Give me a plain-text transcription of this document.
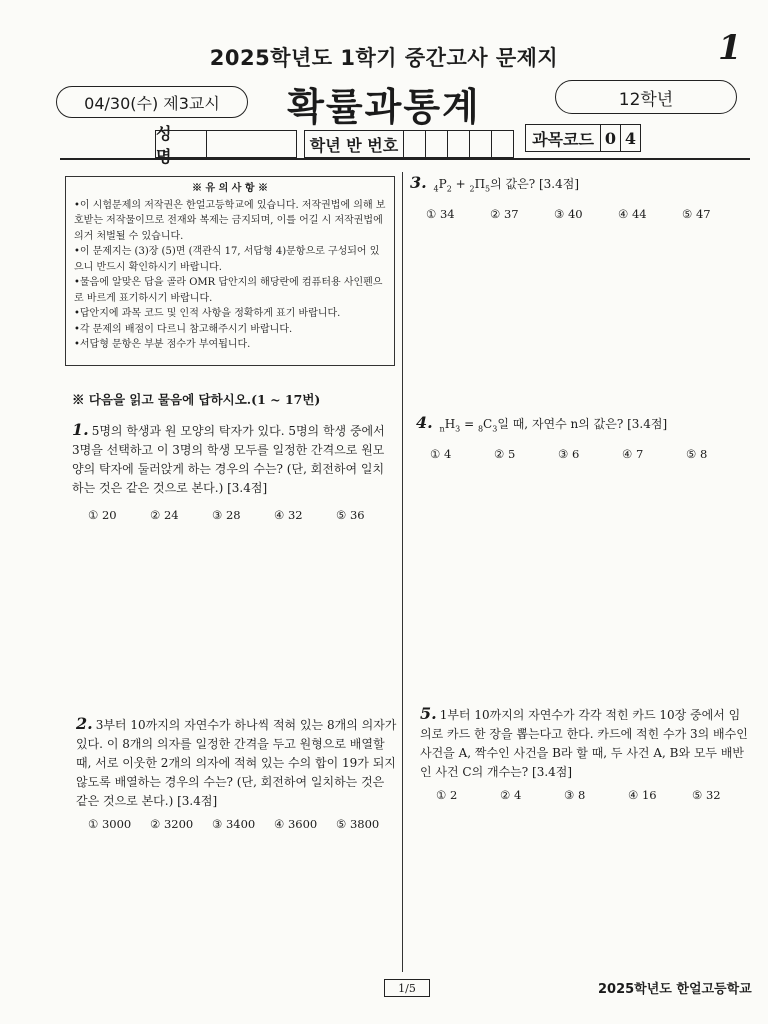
1
2025학년도 1학기 중간고사 문제지
04/30(수) 제3교시	확률과통계	12학년
성 명
학년 반 번호	과목코드 0 4
※ 유 의 사 항 ※

•이 시험문제의 저작권은 한얼고등학교에 있습니다. 저작권법에 의해 보호받는 저작물이므로 전재와 복제는 금지되며, 이를 어길 시 저작권법에 의거 처벌될 수 있습니다.

•이 문제지는 (3)장 (5)면 (객관식 17, 서답형 4)문항으로 구성되어 있으니 반드시 확인하시기 바랍니다.

•물음에 알맞은 답을 골라 OMR 답안지의 해당란에 컴퓨터용 사인펜으로 바르게 표기하시기 바랍니다.

•답안지에 과목 코드 및 인적 사항을 정확하게 표기 바랍니다.

•각 문제의 배점이 다르니 참고해주시기 바랍니다.

•서답형 문항은 부분 점수가 부여됩니다.

※ 다음을 읽고 물음에 답하시오.(1 ~ 17번)
1. 5명의 학생과 원 모양의 탁자가 있다. 5명의 학생 중에서 3명을 선택하고 이 3명의 학생 모두를 일정한 간격으로 원모양의 탁자에 둘러앉게 하는 경우의 수는? (단, 회전하여 일치하는 것은 같은 것으로 본다.) [3.4점]
① 20	② 24	③ 28	④ 32	⑤ 36
2. 3부터 10까지의 자연수가 하나씩 적혀 있는 8개의 의자가 있다. 이 8개의 의자를 일정한 간격을 두고 원형으로 배열할 때, 서로 이웃한 2개의 의자에 적혀 있는 수의 합이 19가 되지 않도록 배열하는 경우의 수는? (단, 회전하여 일치하는 것은 같은 것으로 본다.) [3.4점]
① 3000	② 3200	③ 3400	④ 3600	⑤ 3800
3. $_4P_2 + _2\Pi_5$의 값은? [3.4점]
① 34	② 37	③ 40	④ 44	⑤ 47
4. $_nH_3 = _8C_3$일 때, 자연수 n의 값은? [3.4점]
① 4	② 5	③ 6	④ 7	⑤ 8
5. 1부터 10까지의 자연수가 각각 적힌 카드 10장 중에서 임의로 카드 한 장을 뽑는다고 한다. 카드에 적힌 수가 3의 배수인 사건을 A, 짝수인 사건을 B라 할 때, 두 사건 A, B와 모두 배반인 사건 C의 개수는? [3.4점]
① 2	② 4	③ 8	④ 16	⑤ 32
1/5	2025학년도 한얼고등학교
